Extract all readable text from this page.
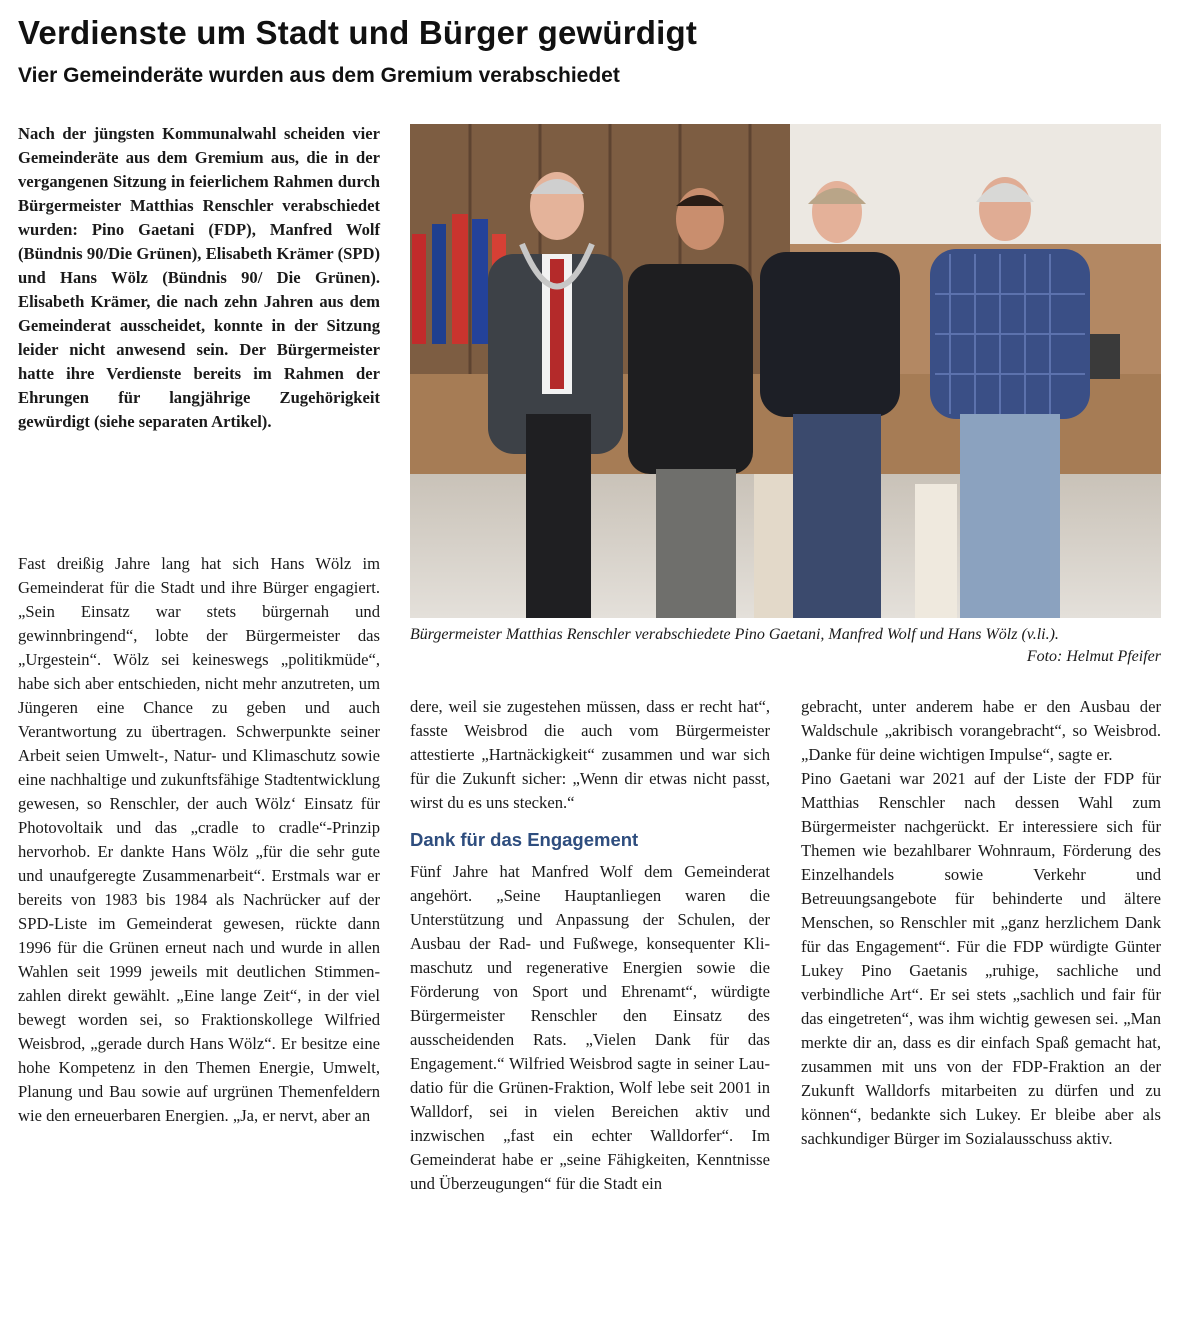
Verdienste um Stadt und Bürger gewürdigt
Vier Gemeinderäte wurden aus dem Gremium verabschiedet

Nach der jüngsten Kommunalwahl scheiden vier Gemeinderäte aus dem Gremium aus, die in der vergangenen Sitzung in feierlichem Rahmen durch Bürgermeister Matthias Renschler verabschiedet wurden: Pino Gaetani (FDP), Manfred Wolf (Bündnis 90/Die Grünen), Elisabeth Krämer (SPD) und Hans Wölz (Bündnis 90/ Die Grünen). Elisabeth Krämer, die nach zehn Jahren aus dem Gemeinderat ausscheidet, konnte in der Sitzung leider nicht anwesend sein. Der Bürgermeister hatte ihre Verdienste bereits im Rahmen der Ehrungen für langjährige Zugehörigkeit gewürdigt (siehe separaten Artikel).

Fast dreißig Jahre lang hat sich Hans Wölz im Gemeinderat für die Stadt und ihre Bürger engagiert. „Sein Einsatz war stets bürgernah und gewinnbringend“, lobte der Bürgermeister das „Urgestein“. Wölz sei keineswegs „politikmüde“, habe sich aber entschieden, nicht mehr anzutreten, um Jüngeren eine Chance zu geben und auch Verantwortung zu übertragen. Schwerpunkte seiner Arbeit seien Umwelt-, Natur- und Klimaschutz sowie eine nachhaltige und zukunftsfähige Stadtentwicklung gewesen, so Renschler, der auch Wölz‘ Einsatz für Photovoltaik und das „cradle to cradle“-Prinzip hervorhob. Er dankte Hans Wölz „für die sehr gute und unaufgeregte Zusammenarbeit“. Erstmals war er bereits von 1983 bis 1984 als Nachrücker auf der SPD-Liste im Gemeinderat gewesen, rückte dann 1996 für die Grünen erneut nach und wurde in allen Wahlen seit 1999 jeweils mit deutlichen Stimmenzahlen direkt gewählt. „Eine lange Zeit“, in der viel bewegt worden sei, so Fraktionskollege Wilfried Weisbrod, „gerade durch Hans Wölz“. Er besitze eine hohe Kompetenz in den Themen Energie, Umwelt, Planung und Bau sowie auf urgrünen Themenfeldern wie den erneuerbaren Energien. „Ja, er nervt, aber an

Bürgermeister Matthias Renschler verabschiedete Pino Gaetani, Manfred Wolf und Hans Wölz (v.li.).
Foto: Helmut Pfeifer

dere, weil sie zugestehen müssen, dass er recht hat“, fasste Weisbrod die auch vom Bürgermeister attestierte „Hartnäckigkeit“ zusammen und war sich für die Zukunft sicher: „Wenn dir etwas nicht passt, wirst du es uns stecken.“

Dank für das Engagement

Fünf Jahre hat Manfred Wolf dem Gemeinderat angehört. „Seine Hauptanliegen waren die Unterstützung und Anpassung der Schulen, der Ausbau der Rad- und Fußwege, konsequenter Klimaschutz und regenerative Energien sowie die Förderung von Sport und Ehrenamt“, würdigte Bürgermeister Renschler den Einsatz des ausscheidenden Rats. „Vielen Dank für das Engagement.“ Wilfried Weisbrod sagte in seiner Laudatio für die Grünen-Fraktion, Wolf lebe seit 2001 in Walldorf, sei in vielen Bereichen aktiv und inzwischen „fast ein echter Walldorfer“. Im Gemeinderat habe er „seine Fähigkeiten, Kenntnisse und Überzeugungen“ für die Stadt ein

gebracht, unter anderem habe er den Ausbau der Waldschule „akribisch vorangebracht“, so Weisbrod. „Danke für deine wichtigen Impulse“, sagte er.

Pino Gaetani war 2021 auf der Liste der FDP für Matthias Renschler nach dessen Wahl zum Bürgermeister nachgerückt. Er interessiere sich für Themen wie bezahlbarer Wohnraum, Förderung des Einzelhandels sowie Verkehr und Betreuungsangebote für behinderte und ältere Menschen, so Renschler mit „ganz herzlichem Dank für das Engagement“. Für die FDP würdigte Günter Lukey Pino Gaetanis „ruhige, sachliche und verbindliche Art“. Er sei stets „sachlich und fair für das eingetreten“, was ihm wichtig gewesen sei. „Man merkte dir an, dass es dir einfach Spaß gemacht hat, zusammen mit uns von der FDP-Fraktion an der Zukunft Walldorfs mitarbeiten zu dürfen und zu können“, bedankte sich Lukey. Er bleibe aber als sachkundiger Bürger im Sozialausschuss aktiv.
